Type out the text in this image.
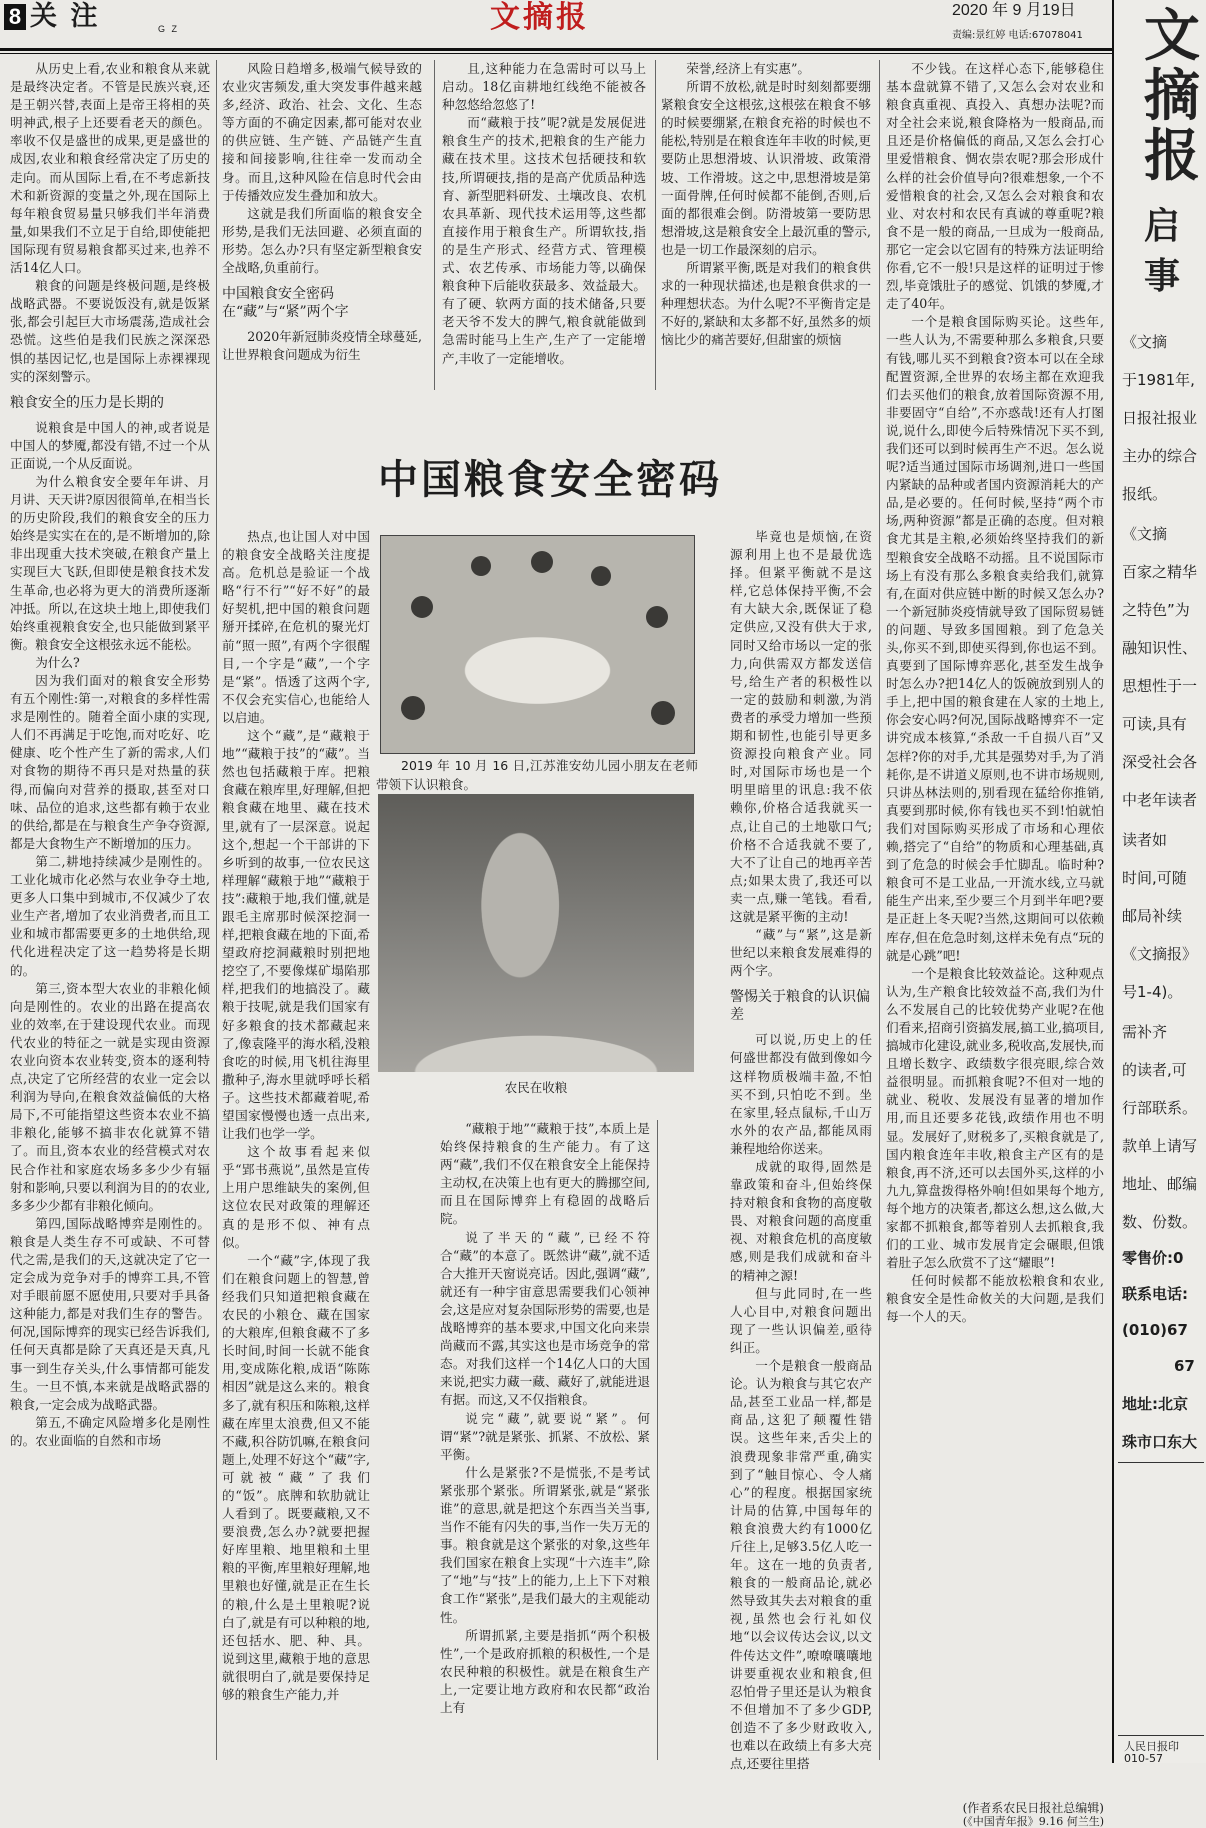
8 关 注	G Z	文摘报	2020 年 9 月19日
责编:景红婷 电话:67078041

从历史上看,农业和粮食从来就是最终决定者。不管是民族兴衰,还是王朝兴替,表面上是帝王将相的英明神武,根子上还要看老天的颜色。率收不仅是盛世的成果,更是盛世的成因,农业和粮食经常决定了历史的走向。而从国际上看,在不考虑新技术和新资源的变量之外,现在国际上每年粮食贸易量只够我们半年消费量,如果我们不立足于自给,即使能把国际现有贸易粮食都买过来,也养不活14亿人口。

粮食的问题是终极问题,是终极战略武器。不要说饭没有,就是饭紧张,都会引起巨大市场震荡,造成社会恐慌。这些伯是我们民族之深深恐惧的基因记忆,也是国际上赤裸裸现实的深刻警示。

粮食安全的压力是长期的

说粮食是中国人的神,或者说是中国人的梦魇,都没有错,不过一个从正面说,一个从反面说。

为什么粮食安全要年年讲、月月讲、天天讲?原因很简单,在相当长的历史阶段,我们的粮食安全的压力始终是实实在在的,是不断增加的,除非出现重大技术突破,在粮食产量上实现巨大飞跃,但即使是粮食技术发生革命,也必将为更大的消费所逐渐冲抵。所以,在这块土地上,即使我们始终重视粮食安全,也只能做到紧平衡。粮食安全这根弦永远不能松。

为什么?

因为我们面对的粮食安全形势有五个刚性:第一,对粮食的多样性需求是刚性的。随着全面小康的实现,人们不再满足于吃饱,而对吃好、吃健康、吃个性产生了新的需求,人们对食物的期待不再只是对热量的获得,而偏向对营养的摄取,甚至对口味、品位的追求,这些都有赖于农业的供给,都是在与粮食生产争夺资源,都是大食物生产不断增加的压力。

第二,耕地持续减少是刚性的。工业化城市化必然与农业争夺土地,更多人口集中到城市,不仅减少了农业生产者,增加了农业消费者,而且工业和城市都需要更多的土地供给,现代化进程决定了这一趋势将是长期的。

第三,资本型大农业的非粮化倾向是刚性的。农业的出路在提高农业的效率,在于建设现代农业。而现代农业的特征之一就是实现由资源农业向资本农业转变,资本的逐利特点,决定了它所经营的农业一定会以利润为导向,在粮食效益偏低的大格局下,不可能指望这些资本农业不搞非粮化,能够不搞非农化就算不错了。而且,资本农业的经营模式对农民合作社和家庭农场多多少少有辐射和影响,只要以利润为目的的农业,多多少少都有非粮化倾向。

第四,国际战略博弈是刚性的。粮食是人类生存不可或缺、不可替代之需,是我们的天,这就决定了它一定会成为竞争对手的博弈工具,不管对手眼前愿不愿使用,只要对手具备这种能力,都是对我们生存的警告。何况,国际博弈的现实已经告诉我们,任何天真都是除了天真还是天真,凡事一到生存关头,什么事情都可能发生。一旦不慎,本来就是战略武器的粮食,一定会成为战略武器。

第五,不确定风险增多化是刚性的。农业面临的自然和市场

风险日趋增多,极端气候导致的农业灾害频发,重大突发事件越来越多,经济、政治、社会、文化、生态等方面的不确定因素,都可能对农业的供应链、生产链、产品链产生直接和间接影响,往往牵一发而动全身。而且,这种风险在信息时代会由于传播效应发生叠加和放大。

这就是我们所面临的粮食安全形势,是我们无法回避、必须直面的形势。怎么办?只有坚定新型粮食安全战略,负重前行。

中国粮食安全密码在“藏”与“紧”两个字

2020年新冠肺炎疫情全球蔓延,让世界粮食问题成为衍生

且,这种能力在急需时可以马上启动。18亿亩耕地红线绝不能被各种忽悠给忽悠了!

而“藏粮于技”呢?就是发展促进粮食生产的技术,把粮食的生产能力藏在技术里。这技术包括硬技和软技,所谓硬技,指的是高产优质品种选育、新型肥料研发、土壤改良、农机农具革新、现代技术运用等,这些都直接作用于粮食生产。所谓软技,指的是生产形式、经营方式、管理模式、农艺传承、市场能力等,以确保粮食种下后能收获最多、效益最大。有了硬、软两方面的技术储备,只要老天爷不发大的脾气,粮食就能做到急需时能马上生产,生产了一定能增产,丰收了一定能增收。

荣誉,经济上有实惠”。

所谓不放松,就是时时刻刻都要绷紧粮食安全这根弦,这根弦在粮食不够的时候要绷紧,在粮食充裕的时候也不能松,特别是在粮食连年丰收的时候,更要防止思想滑坡、认识滑坡、政策滑坡、工作滑坡。这之中,思想滑坡是第一面骨牌,任何时候都不能倒,否则,后面的都很难会倒。防滑坡第一要防思想滑坡,这是粮食安全上最沉重的警示,也是一切工作最深刻的启示。

所谓紧平衡,既是对我们的粮食供求的一种现状描述,也是粮食供求的一种理想状态。为什么呢?不平衡肯定是不好的,紧缺和太多都不好,虽然多的烦恼比少的痛苦要好,但甜蜜的烦恼

中国粮食安全密码

热点,也让国人对中国的粮食安全战略关注度提高。危机总是验证一个战略“行不行”“好不好”的最好契机,把中国的粮食问题掰开揉碎,在危机的聚光灯前“照一照”,有两个字很醒目,一个字是“藏”,一个字是“紧”。悟透了这两个字,不仅会充实信心,也能给人以启迪。

这个“藏”,是“藏粮于地”“藏粮于技”的“藏”。当然也包括藏粮于库。把粮食藏在粮库里,好理解,但把粮食藏在地里、藏在技术里,就有了一层深意。说起这个,想起一个干部讲的下乡听到的故事,一位农民这样理解“藏粮于地”“藏粮于技”:藏粮于地,我们懂,就是跟毛主席那时候深挖洞一样,把粮食藏在地的下面,希望政府挖洞藏粮时别把地挖空了,不要像煤矿塌陷那样,把我们的地搞没了。藏粮于技呢,就是我们国家有好多粮食的技术都藏起来了,像袁隆平的海水稻,没粮食吃的时候,用飞机往海里撒种子,海水里就呼呼长稻子。这些技术都藏着呢,希望国家慢慢也透一点出来,让我们也学一学。

这个故事看起来似乎“郢书燕说”,虽然是宣传上用户思维缺失的案例,但这位农民对政策的理解还真的是形不似、神有点似。

一个“藏”字,体现了我们在粮食问题上的智慧,曾经我们只知道把粮食藏在农民的小粮仓、藏在国家的大粮库,但粮食藏不了多长时间,时间一长就不能食用,变成陈化粮,成语“陈陈相因”就是这么来的。粮食多了,就有积压和陈粮,这样藏在库里太浪费,但又不能不藏,积谷防饥嘛,在粮食问题上,处理不好这个“藏”字,可就被“藏”了我们的“饭”。底牌和软肋就让人看到了。既要藏粮,又不要浪费,怎么办?就要把握好库里粮、地里粮和土里粮的平衡,库里粮好理解,地里粮也好懂,就是正在生长的粮,什么是土里粮呢?说白了,就是有可以种粮的地,还包括水、肥、种、具。说到这里,藏粮于地的意思就很明白了,就是要保持足够的粮食生产能力,并

毕竟也是烦恼,在资源利用上也不是最优选择。但紧平衡就不是这样,它总体保持平衡,不会有大缺大余,既保证了稳定供应,又没有供大于求,同时又给市场以一定的张力,向供需双方都发送信号,给生产者的积极性以一定的鼓励和刺激,为消费者的承受力增加一些预期和韧性,也能引导更多资源投向粮食产业。同时,对国际市场也是一个明里暗里的讯息:我不依赖你,价格合适我就买一点,让自己的土地歇口气;价格不合适我就不要了,大不了让自己的地再辛苦点;如果太贵了,我还可以卖一点,赚一笔钱。看看,这就是紧平衡的主动!

“藏”与“紧”,这是新世纪以来粮食发展难得的两个字。

警惕关于粮食的认识偏差

可以说,历史上的任何盛世都没有做到像如今这样物质极端丰盈,不怕买不到,只怕吃不到。坐在家里,轻点鼠标,千山万水外的农产品,都能凤雨兼程地给你送来。

成就的取得,固然是靠政策和奋斗,但始终保持对粮食和食物的高度敬畏、对粮食问题的高度重视、对粮食危机的高度敏感,则是我们成就和奋斗的精神之源!

但与此同时,在一些人心目中,对粮食问题出现了一些认识偏差,亟待纠正。

一个是粮食一般商品论。认为粮食与其它农产品,甚至工业品一样,都是商品,这犯了颠覆性错误。这些年来,舌尖上的浪费现象非常严重,确实到了“触目惊心、令人痛心”的程度。根据国家统计局的估算,中国每年的粮食浪费大约有1000亿斤往上,足够3.5亿人吃一年。这在一地的负责者,粮食的一般商品论,就必然导致其失去对粮食的重视,虽然也会行礼如仪地“以会议传达会议,以文件传达文件”,嘹嘹嚷嚷地讲要重视农业和粮食,但忍怕骨子里还是认为粮食不但增加不了多少GDP,创造不了多少财政收入,也难以在政绩上有多大亮点,还要往里搭

“藏粮于地”“藏粮于技”,本质上是始终保持粮食的生产能力。有了这两“藏”,我们不仅在粮食安全上能保持主动权,在决策上也有更大的腾挪空间,而且在国际博弈上有稳固的战略后院。

说了半天的“藏”,已经不符合“藏”的本意了。既然讲“藏”,就不适合大推开天窗说亮话。因此,强调“藏”,就还有一种宇宙意思需要我们心领神会,这是应对复杂国际形势的需要,也是战略博弈的基本要求,中国文化向来崇尚藏而不露,其实这也是市场竞争的常态。对我们这样一个14亿人口的大国来说,把实力藏一藏、藏好了,就能进退有据。而这,又不仅指粮食。

说完“藏”,就要说“紧”。何谓“紧”?就是紧张、抓紧、不放松、紧平衡。

什么是紧张?不是慌张,不是考试紧张那个紧张。所谓紧张,就是“紧张谁”的意思,就是把这个东西当关当事,当作不能有闪失的事,当作一失万无的事。粮食就是这个紧张的对象,这些年我们国家在粮食上实现“十六连丰”,除了“地”与“技”上的能力,上上下下对粮食工作“紧张”,是我们最大的主观能动性。

所谓抓紧,主要是指抓“两个积极性”,一个是政府抓粮的积极性,一个是农民种粮的积极性。就是在粮食生产上,一定要让地方政府和农民都“政治上有

2019 年 10 月 16 日,江苏淮安幼儿园小朋友在老师带领下认识粮食。
农民在收粮

不少钱。在这样心态下,能够稳住基本盘就算不错了,又怎么会对农业和粮食真重视、真投入、真想办法呢?而对全社会来说,粮食降格为一般商品,而且还是价格偏低的商品,又怎么会打心里爱惜粮食、惆农崇农呢?那会形成什么样的社会价值导向?很难想象,一个不爱惜粮食的社会,又怎么会对粮食和农业、对农村和农民有真诚的尊重呢?粮食不是一般的商品,一旦成为一般商品,那它一定会以它固有的特殊方法证明给你看,它不一般!只是这样的证明过于惨烈,毕竟饿肚子的感觉、饥饿的梦魇,才走了40年。

一个是粮食国际购买论。这些年,一些人认为,不需要种那么多粮食,只要有钱,哪儿买不到粮食?资本可以在全球配置资源,全世界的农场主都在欢迎我们去买他们的粮食,放着国际资源不用,非要固守“自给”,不亦惑哉!还有人打图说,说什么,即使今后特殊情况下买不到,我们还可以到时候再生产不迟。怎么说呢?适当通过国际市场调剂,进口一些国内紧缺的品种或者国内资源消耗大的产品,是必要的。任何时候,坚持“两个市场,两种资源”都是正确的态度。但对粮食尤其是主粮,必须始终坚持我们的新型粮食安全战略不动摇。且不说国际市场上有没有那么多粮食卖给我们,就算有,在面对供应链中断的时候又怎么办?一个新冠肺炎疫情就导致了国际贸易链的问题、导致多国囤粮。到了危急关头,你买不到,即使买得到,你也运不到。真要到了国际博弈恶化,甚至发生战争时怎么办?把14亿人的饭碗放到别人的手上,把中国的粮食建在人家的土地上,你会安心吗?何况,国际战略博弈不一定讲究成本核算,“杀敌一千自损八百”又怎样?你的对手,尤其是强势对手,为了消耗你,是不讲道义原则,也不讲市场规则,只讲丛林法则的,别看现在猛给你推销,真要到那时候,你有钱也买不到!怕就怕我们对国际购买形成了市场和心理依赖,搭完了“自给”的物质和心理基础,真到了危急的时候会手忙脚乱。临时种?粮食可不是工业品,一开流水线,立马就能生产出来,至少要三个月到半年吧?要是正赶上冬天呢?当然,这期间可以依赖库存,但在危急时刻,这样未免有点“玩的就是心跳”吧!

一个是粮食比较效益论。这种观点认为,生产粮食比较效益不高,我们为什么不发展自己的比较优势产业呢?在他们看来,招商引资搞发展,搞工业,搞项目,搞城市化建设,就业多,税收高,发展快,而且增长数字、政绩数字很亮眼,综合效益很明显。而抓粮食呢?不但对一地的就业、税收、发展没有显著的增加作用,而且还要多花钱,政绩作用也不明显。发展好了,财税多了,买粮食就是了,国内粮食连年丰收,粮食主产区有的是粮食,再不济,还可以去国外买,这样的小九九,算盘拨得格外响!但如果每个地方,每个地方的决策者,都这么想,这么做,大家都不抓粮食,都等着别人去抓粮食,我们的工业、城市发展肯定会碾眼,但饿着肚子怎么欣赏不了这“耀眼”!

任何时候都不能放松粮食和农业,粮食安全是性命攸关的大问题,是我们每一个人的天。

(作者系农民日报社总编辑)
(《中国青年报》9.16 何兰生)
文
摘
报
启
事
《文摘
于1981年,
日报社报业
主办的综合
报纸。
《文摘
百家之精华
之特色”为
融知识性、
思想性于一
可读,具有
深受社会各
中老年读者
读者如
时间,可随
邮局补续
《文摘报》
号1-4)。
需补齐
的读者,可
行部联系。
款单上请写
地址、邮编
数、份数。
零售价:0
联系电话:
(010)67
67
地址:北京
珠市口东大
人民日报印
010-57
